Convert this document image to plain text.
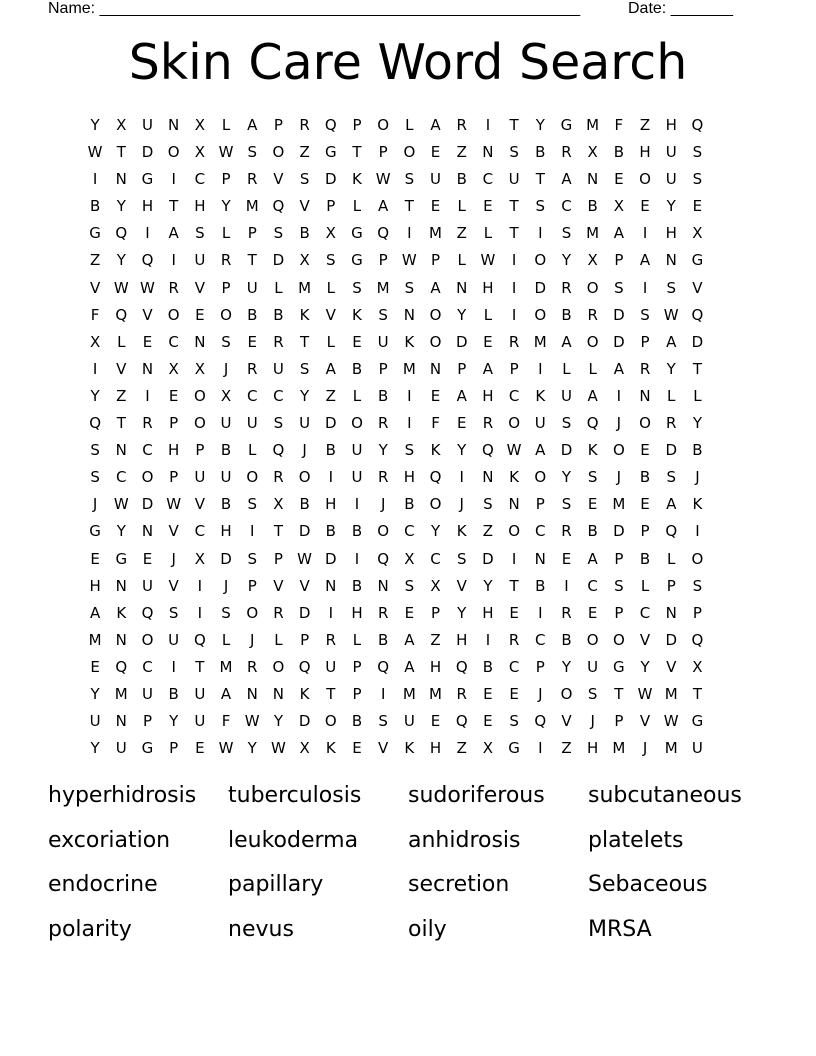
Name: ______________________________________________________	Date: _______
Skin Care Word Search
Y	X	U	N	X	L	A	P	R	Q	P	O	L	A	R	I	T	Y	G M	F	Z	H Q
W T	D O	X W S	O	Z	G	T	P	O	E	Z	N	S	B	R	X	B	H	U	S
I	N G	I	C	P	R	V	S	D	K W S	U	B	C	U	T	A	N	E	O U	S
B	Y	H	T	H	Y	M Q	V	P	L	A	T	E	L	E	T	S	C	B	X	E	Y	E
G Q	I	A	S	L	P	S	B	X	G Q	I	M Z	L	T	I	S M A	I	H	X
Z	Y	Q	I	U	R	T	D	X	S	G	P W P	L W	I	O	Y	X	P	A	N G
V W W R	V	P	U	L	M	L	S M S	A	N H	I	D	R	O	S	I	S	V
F	Q	V	O	E	O	B	B	K	V	K	S	N O	Y	L	I	O	B	R	D	S W Q
X	L	E	C	N	S	E	R	T	L	E	U	K	O D	E	R M A	O D	P	A	D
I	V	N	X	X	J	R	U	S	A	B	P	M N	P	A	P	I	L	L	A	R	Y	T
Y	Z	I	E	O	X	C	C	Y	Z	L	B	I	E	A	H	C	K	U	A	I	N	L	L
Q	T	R	P	O U	U	S	U D O	R	I	F	E	R	O U	S	Q	J	O	R	Y
S	N	C	H	P	B	L	Q	J	B	U	Y	S	K	Y	Q W A	D	K	O	E	D	B
S	C	O	P	U	U O	R	O	I	U	R	H Q	I	N	K	O	Y	S	J	B	S	J
J	W D W V	B	S	X	B	H	I	J	B	O	J	S	N	P	S	E M E	A	K
G	Y	N	V	C	H	I	T	D	B	B	O	C	Y	K	Z	O	C	R	B	D	P	Q	I
E	G	E	J	X	D	S	P W D	I	Q	X	C	S	D	I	N	E	A	P	B	L	O
H N	U	V	I	J	P	V	V	N	B	N	S	X	V	Y	T	B	I	C	S	L	P	S
A	K	Q	S	I	S	O	R	D	I	H	R	E	P	Y	H	E	I	R	E	P	C	N	P
M N O U Q	L	J	L	P	R	L	B	A	Z	H	I	R	C	B	O O	V	D Q
E	Q	C	I	T	M R	O Q U	P	Q	A	H Q	B	C	P	Y	U G	Y	V	X
Y	M U	B	U	A	N N	K	T	P	I	M M R	E	E	J	O	S	T W M	T
U	N	P	Y	U	F W Y	D O	B	S	U	E	Q	E	S	Q	V	J	P	V W G
Y	U G	P	E W Y W X	K	E	V	K	H	Z	X	G	I	Z	H M	J	M U
hyperhidrosis	tuberculosis	sudoriferous	subcutaneous
excoriation	leukoderma	anhidrosis	platelets
endocrine	papillary	secretion	Sebaceous
polarity	nevus	oily	MRSA
